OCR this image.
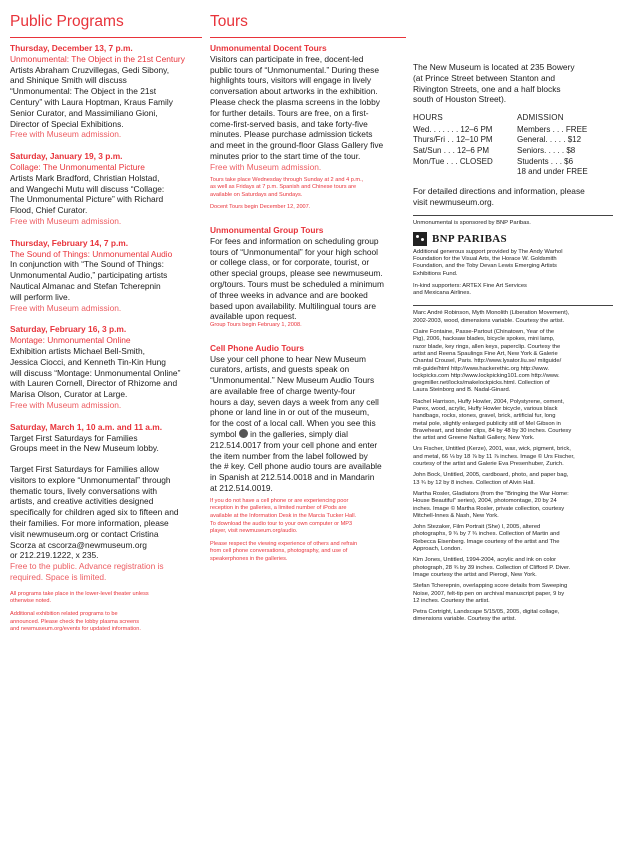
Public Programs
Thursday, December 13, 7 p.m.
Unmonumental: The Object in the 21st Century
Artists Abraham Cruzvillegas, Gedi Sibony,
and Shinique Smith will discuss
“Unmonumental: The Object in the 21st
Century” with Laura Hoptman, Kraus Family
Senior Curator, and Massimiliano Gioni,
Director of Special Exhibitions.
Free with Museum admission.
Saturday, January 19, 3 p.m.
Collage: The Unmonumental Picture
Artists Mark Bradford, Christian Holstad,
and Wangechi Mutu will discuss “Collage:
The Unmonumental Picture” with Richard
Flood, Chief Curator.
Free with Museum admission.
Thursday, February 14, 7 p.m.
The Sound of Things: Unmonumental Audio
In conjunction with “The Sound of Things:
Unmonumental Audio,” participating artists
Nautical Almanac and Stefan Tcherepnin
will perform live.
Free with Museum admission.
Saturday, February 16, 3 p.m.
Montage: Unmonumental Online
Exhibition artists Michael Bell-Smith,
Jessica Ciocci, and Kenneth Tin-Kin Hung
will discuss “Montage: Unmonumental Online”
with Lauren Cornell, Director of Rhizome and
Marisa Olson, Curator at Large.
Free with Museum admission.
Saturday, March 1, 10 a.m. and 11 a.m.
Target First Saturdays for Families
Groups meet in the New Museum lobby.
Target First Saturdays for Families allow
visitors to explore “Unmonumental” through
thematic tours, lively conversations with
artists, and creative activities designed
specifically for children aged six to fifteen and
their families. For more information, please
visit newmuseum.org or contact Cristina
Scorza at cscorza@newmuseum.org
or 212.219.1222, x 235.
Free to the public. Advance registration is
required. Space is limited.
All programs take place in the lower-level theater unless
otherwise noted.
Additional exhibition related programs to be
announced. Please check the lobby plasma screens
and newmuseum.org/events for updated information.
Tours
Unmonumental Docent Tours
Visitors can participate in free, docent-led
public tours of “Unmonumental.” During these
highlights tours, visitors will engage in lively
conversation about artworks in the exhibition.
Please check the plasma screens in the lobby
for further details. Tours are free, on a first-
come-first-served basis, and take forty-five
minutes. Please purchase admission tickets
and meet in the ground-floor Glass Gallery five
minutes prior to the start time of the tour.
Free with Museum admission.
Tours take place Wednesday through Sunday at 2 and 4 p.m.,
as well as Fridays at 7 p.m. Spanish and Chinese tours are
available on Saturdays and Sundays.
Docent Tours begin December 12, 2007.
Unmonumental Group Tours
For fees and information on scheduling group
tours of “Unmonumental” for your high school
or college class, or for corporate, tourist, or
other special groups, please see newmuseum.
org/tours. Tours must be scheduled a minimum
of three weeks in advance and are booked
based upon availability. Multilingual tours are
available upon request.
Group Tours begin February 1, 2008.
Cell Phone Audio Tours
Use your cell phone to hear New Museum
curators, artists, and guests speak on
“Unmonumental.” New Museum Audio Tours
are available free of charge twenty-four
hours a day, seven days a week from any cell
phone or land line in or out of the museum,
for the cost of a local call. When you see this
symbol  in the galleries, simply dial
212.514.0017 from your cell phone and enter
the item number from the label followed by
the # key. Cell phone audio tours are available
in Spanish at 212.514.0018 and in Mandarin
at 212.514.0019.
If you do not have a cell phone or are experiencing poor
reception in the galleries, a limited number of iPods are
available at the Information Desk in the Marcia Tucker Hall.
To download the audio tour to your own computer or MP3
player, visit newmuseum.org/audio.
Please respect the viewing experience of others and refrain
from cell phone conversations, photography, and use of
speakerphones in the galleries.
The New Museum is located at 235 Bowery
(at Prince Street between Stanton and
Rivington Streets, one and a half blocks
south of Houston Street).
HOURS
Wed. . . . . . . 12–6 PM
Thurs/Fri . . 12–10 PM
Sat/Sun . . . 12–6 PM
Mon/Tue . . . CLOSED
ADMISSION
Members . . . FREE
General. . . . . $12
Seniors. . . . . $8
Students . . . $6
18 and under FREE
For detailed directions and information, please
visit newmuseum.org.
Unmonumental is sponsored by BNP Paribas.
BNP PARIBAS
Additional generous support provided by The Andy Warhol
Foundation for the Visual Arts, the Horace W. Goldsmith
Foundation, and the Toby Devan Lewis Emerging Artists
Exhibitions Fund.
In-kind supporters: ARTEX Fine Art Services
and Mexicana Airlines.
Marc André Robinson, Myth Monolith (Liberation Movement),
2002-2003, wood, dimensions variable. Courtesy the artist.
Claire Fontaine, Passe-Partout (Chinatown, Year of the
Pig), 2006, hacksaw blades, bicycle spokes, mini lamp,
razor blade, key rings, allen keys, paperclip. Courtesy the
artist and Reena Spaulings Fine Art, New York & Galerie
Chantal Crousel, Paris. http://www.lysator.liu.se/ mitguide/
mit-guide/html http://www.hackerethic.org http://www.
lockpicks.com http://www.lockpicking101.com http://www.
gregmiller.net/locks/makelockpicks.html. Collection of
Laura Steinborg and B. Nadal-Ginard.
Rachel Harrison, Huffy Howler, 2004, Polystyrene, cement,
Parex, wood, acrylic, Huffy Howler bicycle, various black
handbags, rocks, stones, gravel, brick, artificial fur, long
metal pole, slightly enlarged publicity still of Mel Gibson in
Braveheart, and binder clips, 84 by 48 by 30 inches. Courtesy
the artist and Greene Naftali Gallery, New York.
Urs Fischer, Untitled (Kerze), 2001, wax, wick, pigment, brick,
and metal, 66 ⅛ by 18 ⅞ by 11 ⅞ inches. Image © Urs Fischer,
courtesy of the artist and Galerie Eva Presenhuber, Zurich.
John Bock, Untitled, 2005, cardboard, photo, and paper bag,
13 ¾ by 12 by 8 inches. Collection of Alvin Hall.
Martha Rosler, Gladiators (from the “Bringing the War Home:
House Beautiful” series), 2004, photomontage, 20 by 24
inches. Image © Martha Rosler, private collection, courtesy
Mitchell-Innes & Nash, New York.
John Stezaker, Film Portrait (She) I, 2005, altered
photographs, 9 ¾ by 7 ¾ inches. Collection of Martin and
Rebecca Eisenberg. Image courtesy of the artist and The
Approach, London.
Kim Jones, Untitled, 1994-2004, acrylic and ink on color
photograph, 28 ¾ by 39 inches. Collection of Clifford P. Diver.
Image courtesy the artist and Pierogi, New York.
Stefan Tcherepnin, overlapping score details from Sweeping
Noise, 2007, felt-tip pen on archival manuscript paper, 9 by
12 inches. Courtesy the artist.
Petra Cortright, Landscape 5/15/05, 2005, digital collage,
dimensions variable. Courtesy the artist.
